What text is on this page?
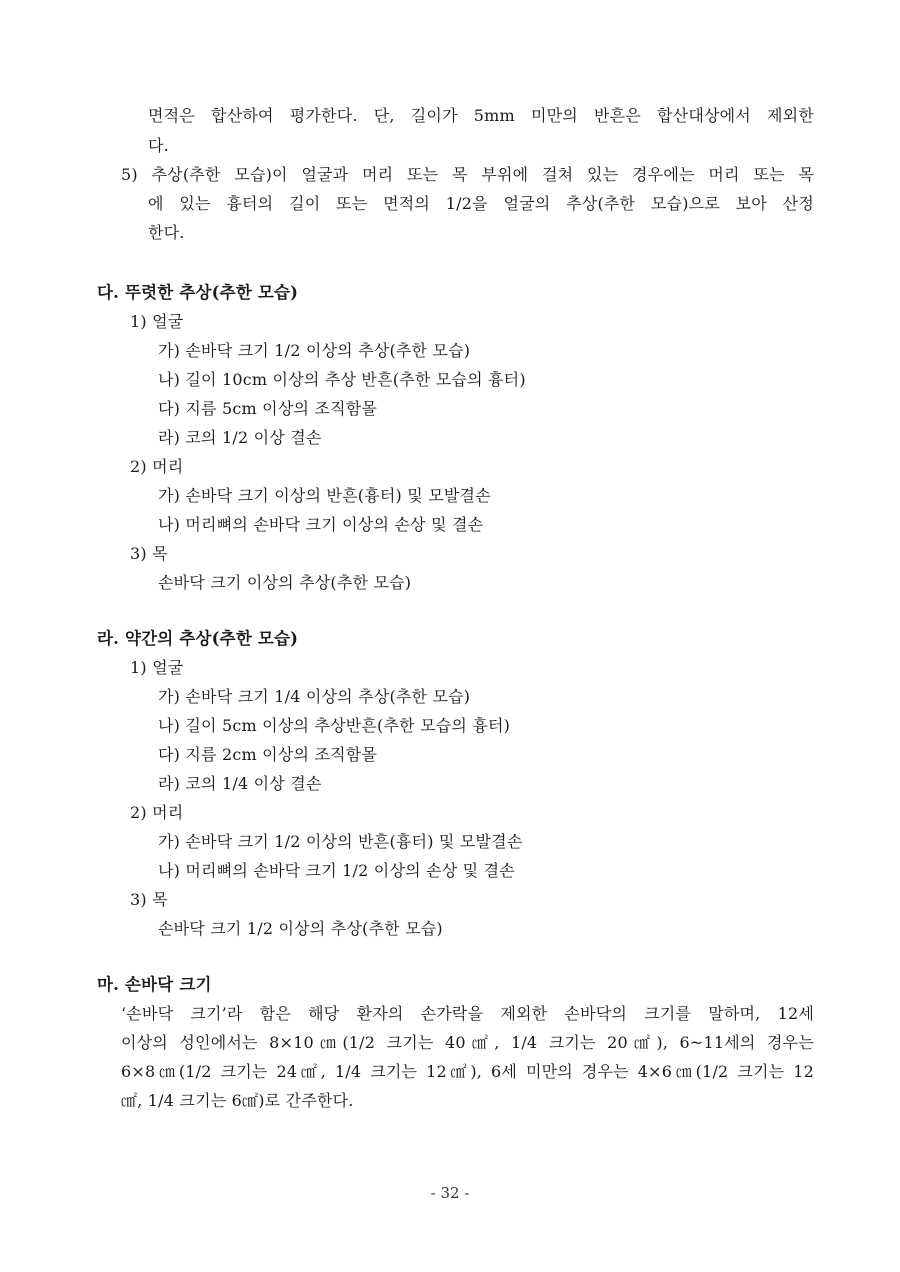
면적은 합산하여 평가한다. 단, 길이가 5mm 미만의 반흔은 합산대상에서 제외한
다.
5) 추상(추한 모습)이 얼굴과 머리 또는 목 부위에 걸쳐 있는 경우에는 머리 또는 목
에 있는 흉터의 길이 또는 면적의 1/2을 얼굴의 추상(추한 모습)으로 보아 산정
한다.
다. 뚜렷한 추상(추한 모습)
1) 얼굴
가) 손바닥 크기 1/2 이상의 추상(추한 모습)
나) 길이 10cm 이상의 추상 반흔(추한 모습의 흉터)
다) 지름 5cm 이상의 조직함몰
라) 코의 1/2 이상 결손
2) 머리
가) 손바닥 크기 이상의 반흔(흉터) 및 모발결손
나) 머리뼈의 손바닥 크기 이상의 손상 및 결손
3) 목
손바닥 크기 이상의 추상(추한 모습)
라. 약간의 추상(추한 모습)
1) 얼굴
가) 손바닥 크기 1/4 이상의 추상(추한 모습)
나) 길이 5cm 이상의 추상반흔(추한 모습의 흉터)
다) 지름 2cm 이상의 조직함몰
라) 코의 1/4 이상 결손
2) 머리
가) 손바닥 크기 1/2 이상의 반흔(흉터) 및 모발결손
나) 머리뼈의 손바닥 크기 1/2 이상의 손상 및 결손
3) 목
손바닥 크기 1/2 이상의 추상(추한 모습)
마. 손바닥 크기
‘손바닥 크기’라 함은 해당 환자의 손가락을 제외한 손바닥의 크기를 말하며, 12세
이상의 성인에서는 8×10㎝(1/2 크기는 40㎠, 1/4 크기는 20㎠), 6~11세의 경우는
6×8㎝(1/2 크기는 24㎠, 1/4 크기는 12㎠), 6세 미만의 경우는 4×6㎝(1/2 크기는 12
㎠, 1/4 크기는 6㎠)로 간주한다.
- 32 -
